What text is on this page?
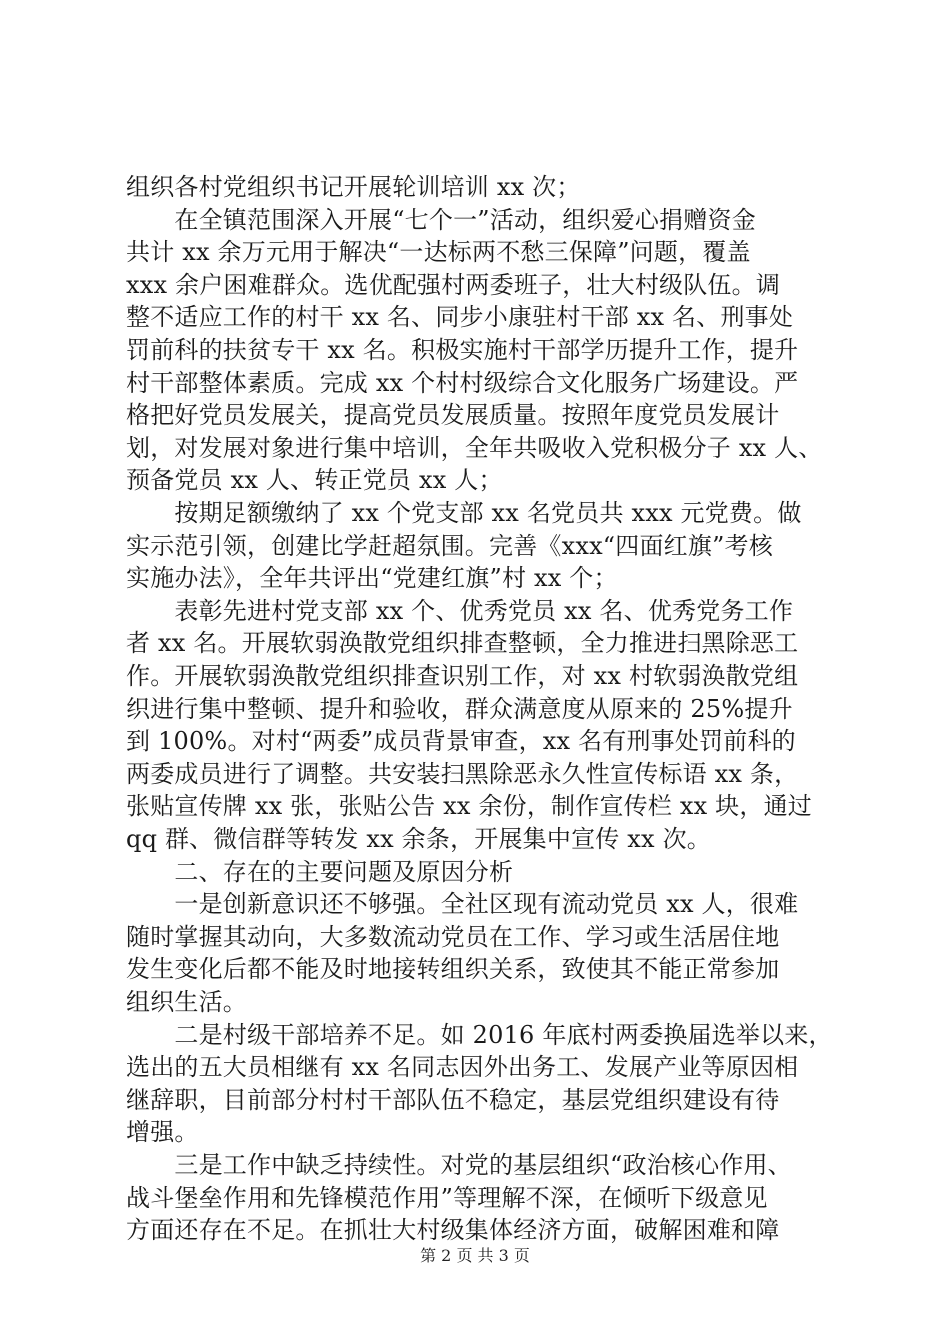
组织各村党组织书记开展轮训培训 xx 次；
　　在全镇范围深入开展“七个一”活动，组织爱心捐赠资金
共计 xx 余万元用于解决“一达标两不愁三保障”问题，覆盖
xxx 余户困难群众。选优配强村两委班子，壮大村级队伍。调
整不适应工作的村干 xx 名、同步小康驻村干部 xx 名、刑事处
罚前科的扶贫专干 xx 名。积极实施村干部学历提升工作，提升
村干部整体素质。完成 xx 个村村级综合文化服务广场建设。严
格把好党员发展关，提高党员发展质量。按照年度党员发展计
划，对发展对象进行集中培训，全年共吸收入党积极分子 xx 人、
预备党员 xx 人、转正党员 xx 人；
　　按期足额缴纳了 xx 个党支部 xx 名党员共 xxx 元党费。做
实示范引领，创建比学赶超氛围。完善《xxx“四面红旗”考核
实施办法》，全年共评出“党建红旗”村 xx 个；
　　表彰先进村党支部 xx 个、优秀党员 xx 名、优秀党务工作
者 xx 名。开展软弱涣散党组织排查整顿，全力推进扫黑除恶工
作。开展软弱涣散党组织排查识别工作，对 xx 村软弱涣散党组
织进行集中整顿、提升和验收，群众满意度从原来的 25%提升
到 100%。对村“两委”成员背景审查，xx 名有刑事处罚前科的
两委成员进行了调整。共安装扫黑除恶永久性宣传标语 xx 条，
张贴宣传牌 xx 张，张贴公告 xx 余份，制作宣传栏 xx 块，通过
qq 群、微信群等转发 xx 余条，开展集中宣传 xx 次。
　　二、存在的主要问题及原因分析
　　一是创新意识还不够强。全社区现有流动党员 xx 人，很难
随时掌握其动向，大多数流动党员在工作、学习或生活居住地
发生变化后都不能及时地接转组织关系，致使其不能正常参加
组织生活。
　　二是村级干部培养不足。如 2016 年底村两委换届选举以来，
选出的五大员相继有 xx 名同志因外出务工、发展产业等原因相
继辞职，目前部分村村干部队伍不稳定，基层党组织建设有待
增强。
　　三是工作中缺乏持续性。对党的基层组织“政治核心作用、
战斗堡垒作用和先锋模范作用”等理解不深，在倾听下级意见
方面还存在不足。在抓壮大村级集体经济方面，破解困难和障
第 2 页 共 3 页
